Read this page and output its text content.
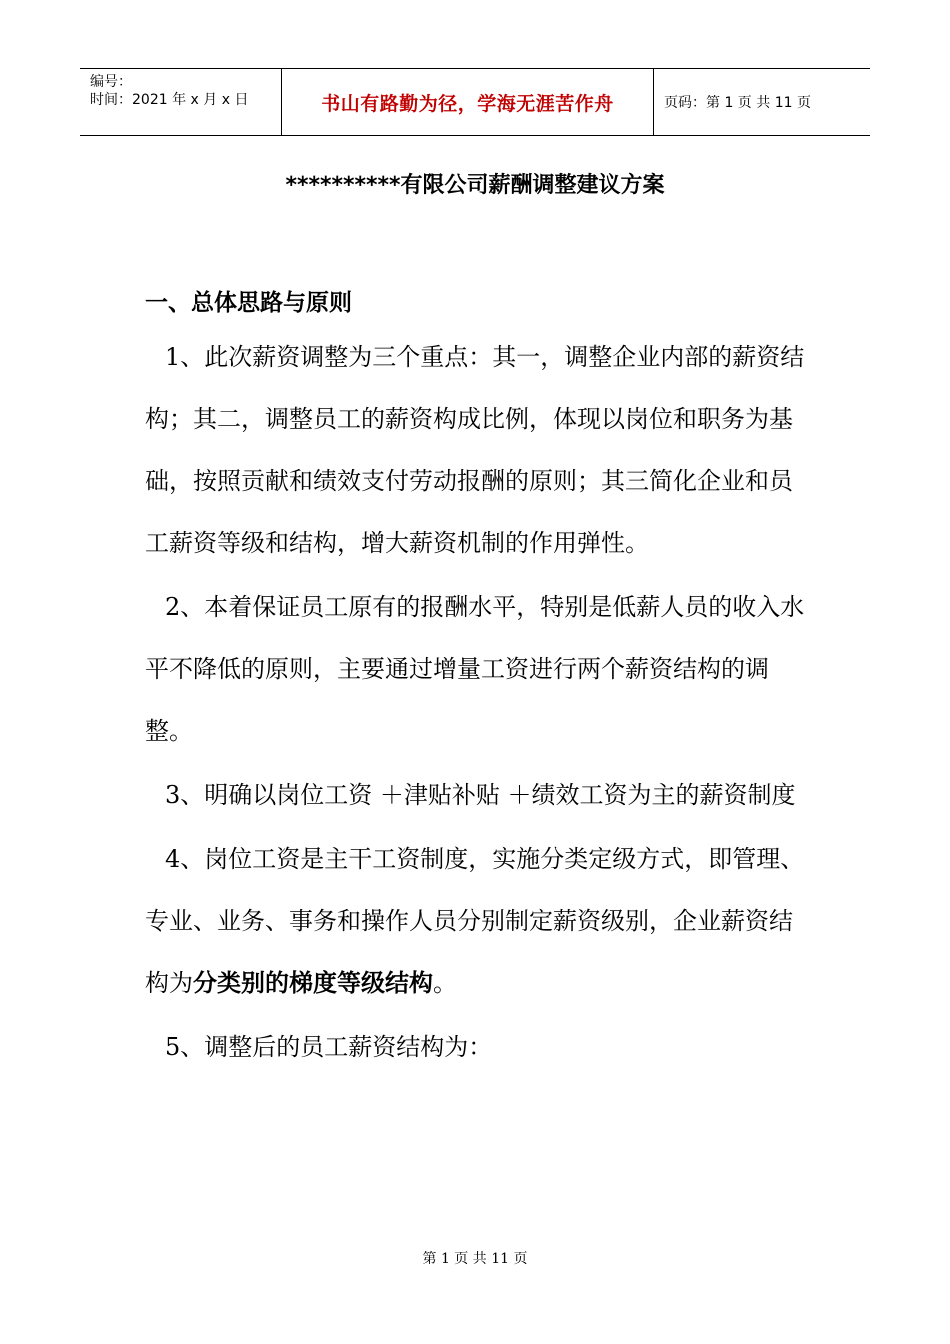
编号：
时间：2021 年 x 月 x 日	书山有路勤为径，学海无涯苦作舟	页码：第 1 页 共 11 页
**********有限公司薪酬调整建议方案
一、总体思路与原则

1、此次薪资调整为三个重点：其一，调整企业内部的薪资结构；其二，调整员工的薪资构成比例，体现以岗位和职务为基础，按照贡献和绩效支付劳动报酬的原则；其三简化企业和员工薪资等级和结构，增大薪资机制的作用弹性。

2、本着保证员工原有的报酬水平，特别是低薪人员的收入水平不降低的原则，主要通过增量工资进行两个薪资结构的调整。

3、明确以岗位工资 ＋津贴补贴 ＋绩效工资为主的薪资制度

4、岗位工资是主干工资制度，实施分类定级方式，即管理、专业、业务、事务和操作人员分别制定薪资级别，企业薪资结构为分类别的梯度等级结构。

5、调整后的员工薪资结构为：

第 1 页 共 11 页
